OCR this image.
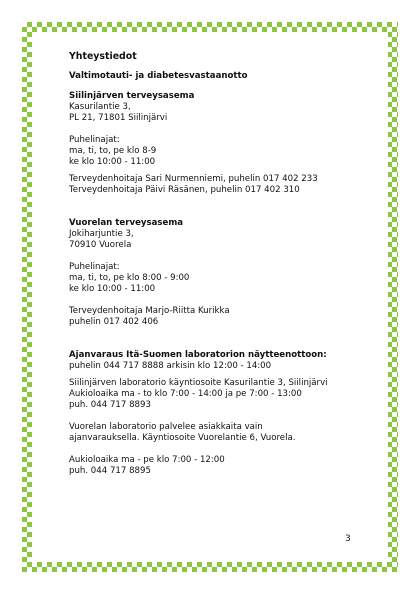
Yhteystiedot
Valtimotauti- ja diabetesvastaanotto
Siilinjärven terveysasema
Kasurilantie 3,
PL 21, 71801 Siilinjärvi
Puhelinajat:
ma, ti, to, pe klo 8-9
ke klo 10:00 - 11:00
Terveydenhoitaja Sari Nurmenniemi, puhelin 017 402 233
Terveydenhoitaja Päivi Räsänen, puhelin 017 402 310
Vuorelan terveysasema
Jokiharjuntie 3,
70910 Vuorela
Puhelinajat:
ma, ti, to, pe klo 8:00 - 9:00
ke klo 10:00 - 11:00
Terveydenhoitaja Marjo-Riitta Kurikka
puhelin 017 402 406
Ajanvaraus Itä-Suomen laboratorion näytteenottoon:
puhelin 044 717 8888 arkisin klo 12:00 - 14:00
Siilinjärven laboratorio käyntiosoite Kasurilantie 3, Siilinjärvi
Aukioloaika ma - to klo 7:00 - 14:00 ja pe 7:00 - 13:00
puh. 044 717 8893
Vuorelan laboratorio palvelee asiakkaita vain
ajanvarauksella. Käyntiosoite Vuorelantie 6, Vuorela.
Aukioloaika ma - pe klo 7:00 - 12:00
puh. 044 717 8895
3
